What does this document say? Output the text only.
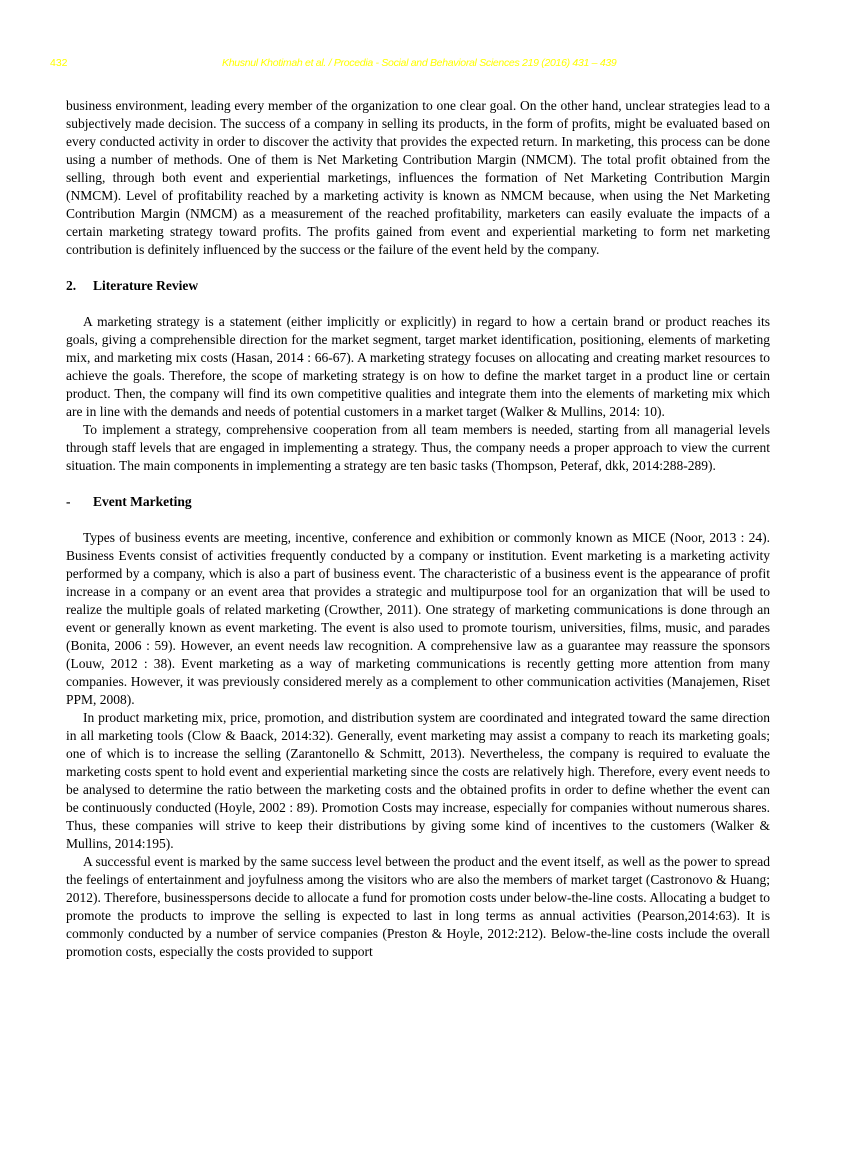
432	Khusnul Khotimah et al. / Procedia - Social and Behavioral Sciences 219 (2016) 431 – 439

business environment, leading every member of the organization to one clear goal. On the other hand, unclear strategies lead to a subjectively made decision. The success of a company in selling its products, in the form of profits, might be evaluated based on every conducted activity in order to discover the activity that provides the expected return. In marketing, this process can be done using a number of methods. One of them is Net Marketing Contribution Margin (NMCM). The total profit obtained from the selling, through both event and experiential marketings, influences the formation of Net Marketing Contribution Margin (NMCM). Level of profitability reached by a marketing activity is known as NMCM because, when using the Net Marketing Contribution Margin (NMCM) as a measurement of the reached profitability, marketers can easily evaluate the impacts of a certain marketing strategy toward profits. The profits gained from event and experiential marketing to form net marketing contribution is definitely influenced by the success or the failure of the event held by the company.

2.	Literature Review

A marketing strategy is a statement (either implicitly or explicitly) in regard to how a certain brand or product reaches its goals, giving a comprehensible direction for the market segment, target market identification, positioning, elements of marketing mix, and marketing mix costs (Hasan, 2014 : 66-67). A marketing strategy focuses on allocating and creating market resources to achieve the goals. Therefore, the scope of marketing strategy is on how to define the market target in a product line or certain product. Then, the company will find its own competitive qualities and integrate them into the elements of marketing mix which are in line with the demands and needs of potential customers in a market target (Walker & Mullins, 2014: 10).

To implement a strategy, comprehensive cooperation from all team members is needed, starting from all managerial levels through staff levels that are engaged in implementing a strategy. Thus, the company needs a proper approach to view the current situation. The main components in implementing a strategy are ten basic tasks (Thompson, Peteraf, dkk, 2014:288-289).

-	Event Marketing

Types of business events are meeting, incentive, conference and exhibition or commonly known as MICE (Noor, 2013 : 24). Business Events consist of activities frequently conducted by a company or institution. Event marketing is a marketing activity performed by a company, which is also a part of business event. The characteristic of a business event is the appearance of profit increase in a company or an event area that provides a strategic and multipurpose tool for an organization that will be used to realize the multiple goals of related marketing (Crowther, 2011). One strategy of marketing communications is done through an event or generally known as event marketing. The event is also used to promote tourism, universities, films, music, and parades (Bonita, 2006 : 59). However, an event needs law recognition. A comprehensive law as a guarantee may reassure the sponsors (Louw, 2012 : 38). Event marketing as a way of marketing communications is recently getting more attention from many companies. However, it was previously considered merely as a complement to other communication activities (Manajemen, Riset PPM, 2008).

In product marketing mix, price, promotion, and distribution system are coordinated and integrated toward the same direction in all marketing tools (Clow & Baack, 2014:32). Generally, event marketing may assist a company to reach its marketing goals; one of which is to increase the selling (Zarantonello & Schmitt, 2013). Nevertheless, the company is required to evaluate the marketing costs spent to hold event and experiential marketing since the costs are relatively high. Therefore, every event needs to be analysed to determine the ratio between the marketing costs and the obtained profits in order to define whether the event can be continuously conducted (Hoyle, 2002 : 89). Promotion Costs may increase, especially for companies without numerous shares. Thus, these companies will strive to keep their distributions by giving some kind of incentives to the customers (Walker & Mullins, 2014:195).

A successful event is marked by the same success level between the product and the event itself, as well as the power to spread the feelings of entertainment and joyfulness among the visitors who are also the members of market target (Castronovo & Huang; 2012). Therefore, businesspersons decide to allocate a fund for promotion costs under below-the-line costs. Allocating a budget to promote the products to improve the selling is expected to last in long terms as annual activities (Pearson,2014:63). It is commonly conducted by a number of service companies (Preston & Hoyle, 2012:212). Below-the-line costs include the overall promotion costs, especially the costs provided to support
